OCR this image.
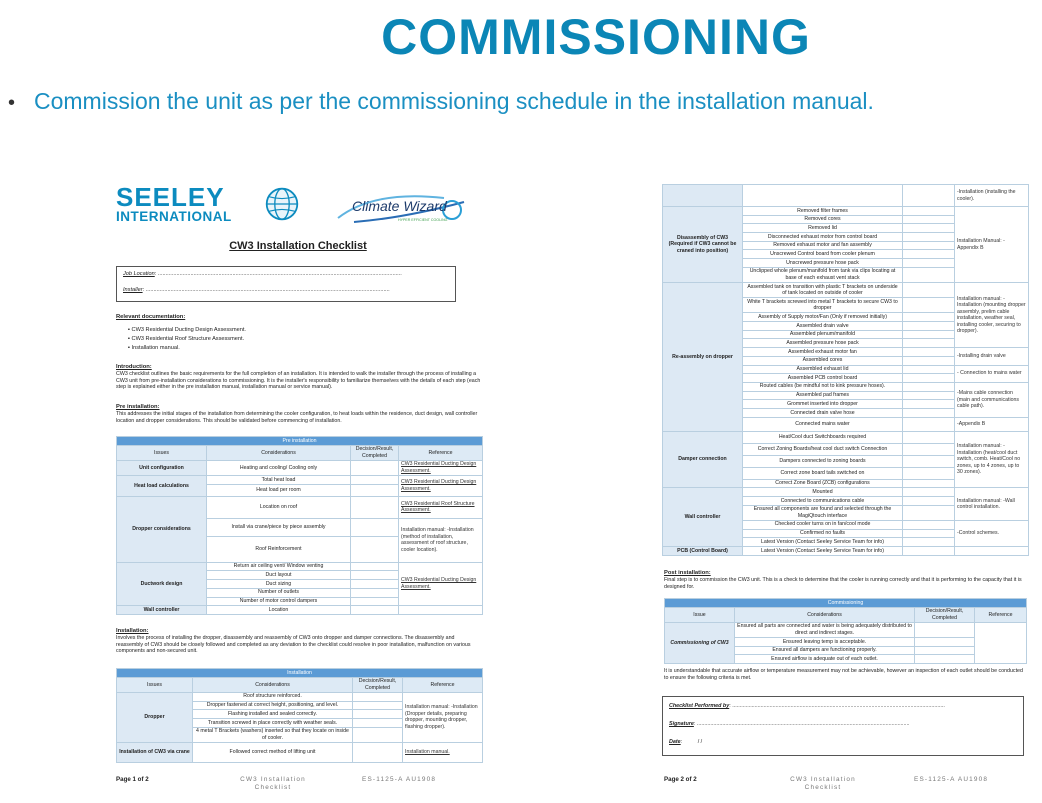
COMMISSIONING
• Commission the unit as per the commissioning schedule in the installation manual.
SEELEY
INTERNATIONAL
Climate Wizard
HYPER EFFICIENT COOLING
CW3 Installation Checklist
Job Location: .............................................................................................................................................................
Installer: .............................................................................................................................................................
Relevant documentation:
▪ CW3 Residential Ducting Design Assessment.
▪ CW3 Residential Roof Structure Assessment.
▪ Installation manual.
Introduction:
CW3 checklist outlines the basic requirements for the full completion of an installation. It is intended to walk the installer through the process of installing a CW3 unit from pre-installation considerations to commissioning. It is the installer's responsibility to familiarize themselves with the details of each step (each step is explained either in the pre installation manual, installation manual or service manual).
Pre installation:
This addresses the initial stages of the installation from determining the cooler configuration, to heat loads within the residence, duct design, wall controller location and dropper considerations. This should be validated before commencing of installation.
Pre installation			
Issues	Considerations	Decision/Result, Completed	Reference
Unit configuration	Heating and cooling/ Cooling only		CW3 Residential Ducting Design Assessment.
Heat load calculations	Total heat load		CW3 Residential Ducting Design Assessment.
	Heat load per room		
Dropper considerations	Location on roof		CW3 Residential Roof Structure Assessment.
	Install via crane/piece by piece assembly		Installation manual: -Installation (method of installation, assessment of roof structure, cooler location).
	Roof Reinforcement		
Ductwork design	Return air ceiling vent/ Window venting		CW3 Residential Ducting Design Assessment.
	Duct layout		
	Duct sizing		
	Number of outlets		
	Number of motor control dampers		
Wall controller	Location		
Installation:
Involves the process of installing the dropper, disassembly and reassembly of CW3 onto dropper and damper connections. The disassembly and reassembly of CW3 should be closely followed and completed as any deviation to the checklist could resolve in poor installation, malfunction on various components and non-secured unit.
Installation			
Issues	Considerations	Decision/Result, Completed	Reference
Dropper	Roof structure reinforced.		Installation manual: -Installation (Dropper details, preparing dropper, mounting dropper, flashing dropper).
	Dropper fastened at correct height, positioning, and level.		
	Flashing installed and sealed correctly.		
	Transition screwed in place correctly with weather seals.		
	4 metal T Brackets (washers) inserted so that they locate on inside of cooler.		
Installation of CW3 via crane	Followed correct method of lifting unit		Installation manual.
Page 1 of 2	CW3 Installation Checklist
ES-1125-A AU1908
			-Installation (installing the cooler).
Disassembly of CW3 (Required if CW3 cannot be craned into position)	Removed filter frames		Installation Manual: -Appendix B
	Removed cores		
	Removed lid		
	Disconnected exhaust motor from control board		
	Removed exhaust motor and fan assembly		
	Unscrewed Control board from cooler plenum		
	Unscrewed pressure hose pack		
	Unclipped whole plenum/manifold from tank via clips locating at base of each exhaust vent stack		
Re-assembly on dropper	Assembled tank on transition with plastic T brackets on underside of tank located on outside of cooler		Installation manual: -Installation (mounting dropper assembly, prelim cable installation, weather seal, installing cooler, securing to dropper).
	White T brackets screwed into metal T brackets to secure CW3 to dropper		
	Assembly of Supply motor/Fan (Only if removed initially)		
	Assembled drain valve		
	Assembled plenum/manifold		
	Assembled pressure hose pack		
	Assembled exhaust motor fan		-Installing drain valve
	Assembled cores		
	Assembled exhaust lid		- Connection to mains water
	Assembled PCB control board		
	Routed cables (be mindful not to kink pressure hoses).		-Mains cable connection (main and communications cable path).
	Assembled pad frames		
	Grommet inserted into dropper		
	Connected drain valve hose		
	Connected mains water		-Appendix B
Damper connection	Heat/Cool duct Switchboards required		Installation manual: -Installation (heat/cool duct switch, comb. Heat/Cool no zones, up to 4 zones, up to 30 zones).
	Correct Zoning Boards/heat cool duct switch Connection		
	Dampers connected to zoning boards		
	Correct zone board tails switched on		
	Correct Zone Board (ZCB) configurations		
Wall controller	Mounted		Installation manual: -Wall control installation.
	Connected to communications cable		
	Ensured all components are found and selected through the MagiQtouch interface		
	Checked cooler turns on in fan/cool mode		-Control schemes.
	Confirmed no faults		
	Latest Version (Contact Seeley Service Team for info)		
PCB (Control Board)	Latest Version (Contact Seeley Service Team for info)		
Post installation:
Final step is to commission the CW3 unit. This is a check to determine that the cooler is running correctly and that it is performing to the capacity that it is designed for.
Commissioning			
Issue	Considerations	Decision/Result, Completed	Reference
Commissioning of CW3	Ensured all parts are connected and water is being adequately distributed to direct and indirect stages.		
	Ensured leaving temp is acceptable.		
	Ensured all dampers are functioning properly.		
	Ensured airflow is adequate out of each outlet.		
It is understandable that accurate airflow or temperature measurement may not be achievable, however an inspection of each outlet should be conducted to ensure the following criteria is met.
Checklist Performed by: ..............................................................................................................................................
Signature: ..............................................................................................................................................
Date:	/ /
Page 2 of 2	CW3 Installation Checklist
ES-1125-A AU1908
